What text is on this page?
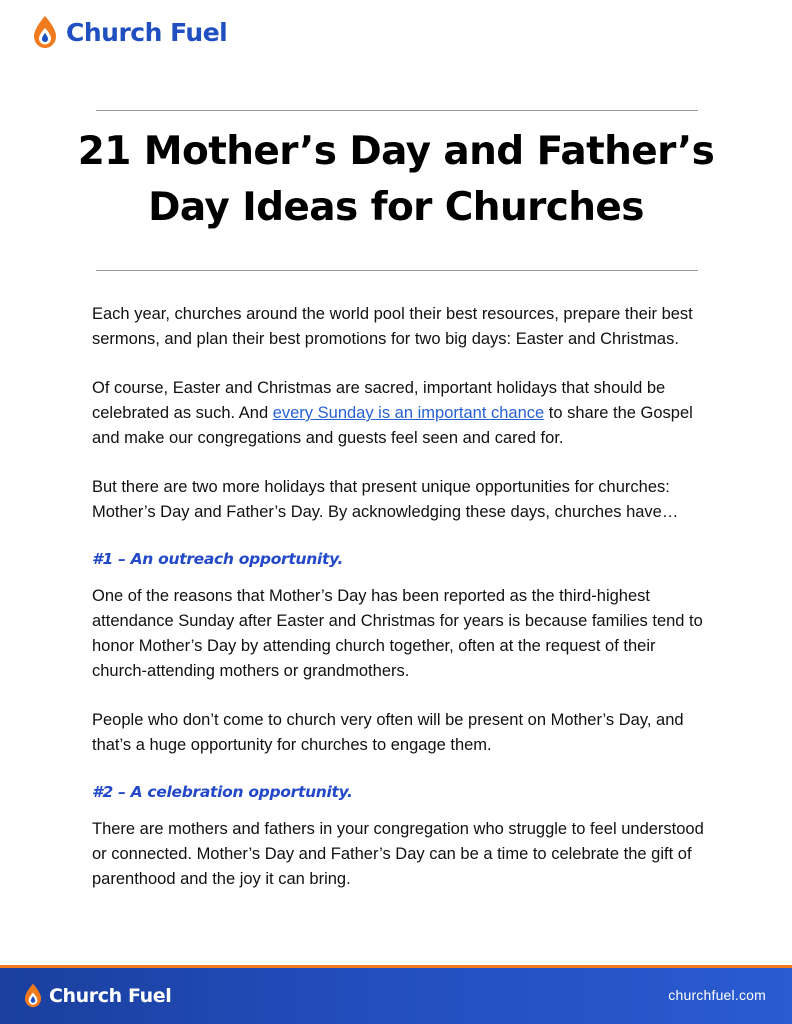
Church Fuel
21 Mother’s Day and Father’s
Day Ideas for Churches

Each year, churches around the world pool their best resources, prepare their best sermons, and plan their best promotions for two big days: Easter and Christmas.

Of course, Easter and Christmas are sacred, important holidays that should be celebrated as such. And every Sunday is an important chance to share the Gospel and make our congregations and guests feel seen and cared for.

But there are two more holidays that present unique opportunities for churches: Mother’s Day and Father’s Day. By acknowledging these days, churches have…

#1 – An outreach opportunity.

One of the reasons that Mother’s Day has been reported as the third-highest attendance Sunday after Easter and Christmas for years is because families tend to honor Mother’s Day by attending church together, often at the request of their church-attending mothers or grandmothers.

People who don’t come to church very often will be present on Mother’s Day, and that’s a huge opportunity for churches to engage them.

#2 – A celebration opportunity.

There are mothers and fathers in your congregation who struggle to feel understood or connected. Mother’s Day and Father’s Day can be a time to celebrate the gift of parenthood and the joy it can bring.

Church Fuel	churchfuel.com
